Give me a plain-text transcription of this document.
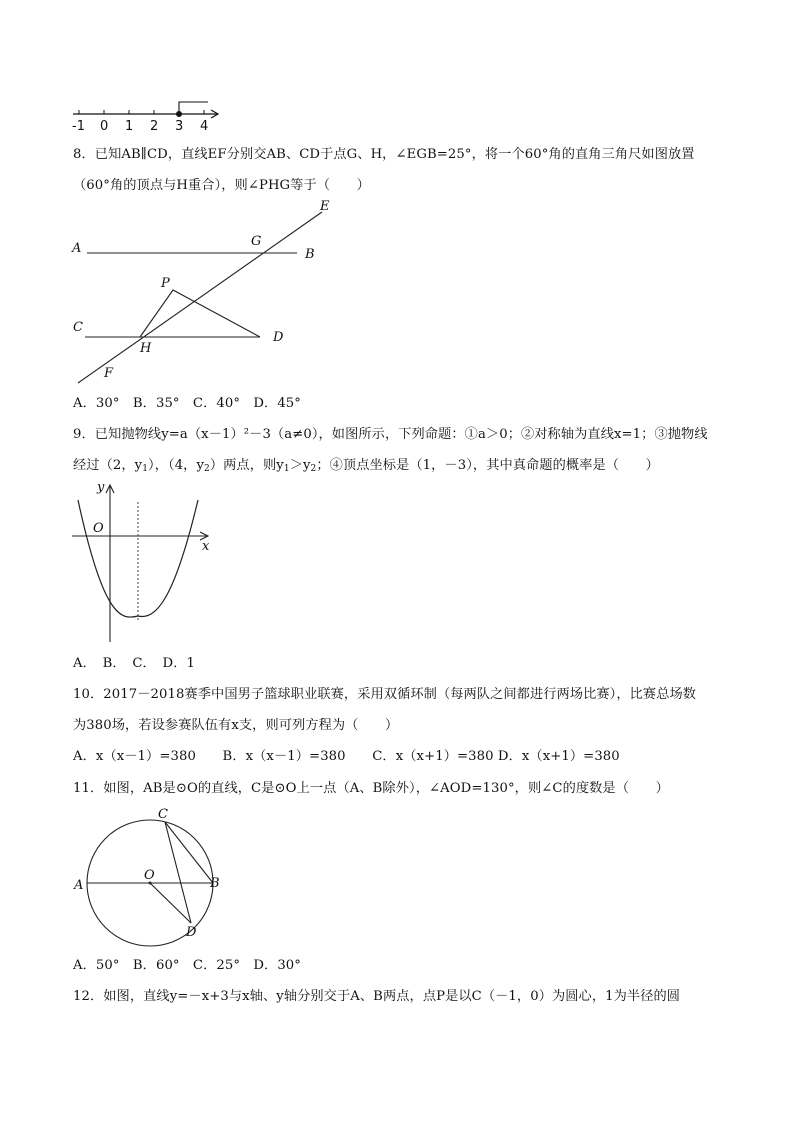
-1 0 1 2 3 4
8．已知AB∥CD，直线EF分别交AB、CD于点G、H，∠EGB=25°，将一个60°角的直角三角尺如图放置
（60°角的顶点与H重合），则∠PHG等于（　　）
E
A	G
B
P
C
H
D
F
A．30°　B．35°　C．40°　D．45°
9．已知抛物线y=a（x－1）²－3（a≠0），如图所示，下列命题：①a＞0；②对称轴为直线x=1；③抛物线
经过（2，$y_1$），（4，$y_2$）两点，则$y_1>y_2$；④顶点坐标是（1，－3），其中真命题的概率是（　　）
y
O
x
A．　B．　C．　D．1
10．2017－2018赛季中国男子篮球职业联赛，采用双循环制（每两队之间都进行两场比赛），比赛总场数
为380场，若设参赛队伍有x支，则可列方程为（　　）
A．x（x－1）=380　　B．x（x－1）=380　　C．x（x+1）=380 D．x（x+1）=380
11．如图，AB是⊙O的直线，C是⊙O上一点（A、B除外），∠AOD=130°，则∠C的度数是（　　）
C
A
O
B
D
A．50°　B．60°　C．25°　D．30°
12．如图，直线y=－x+3与x轴、y轴分别交于A、B两点，点P是以C（－1，0）为圆心，1为半径的圆
